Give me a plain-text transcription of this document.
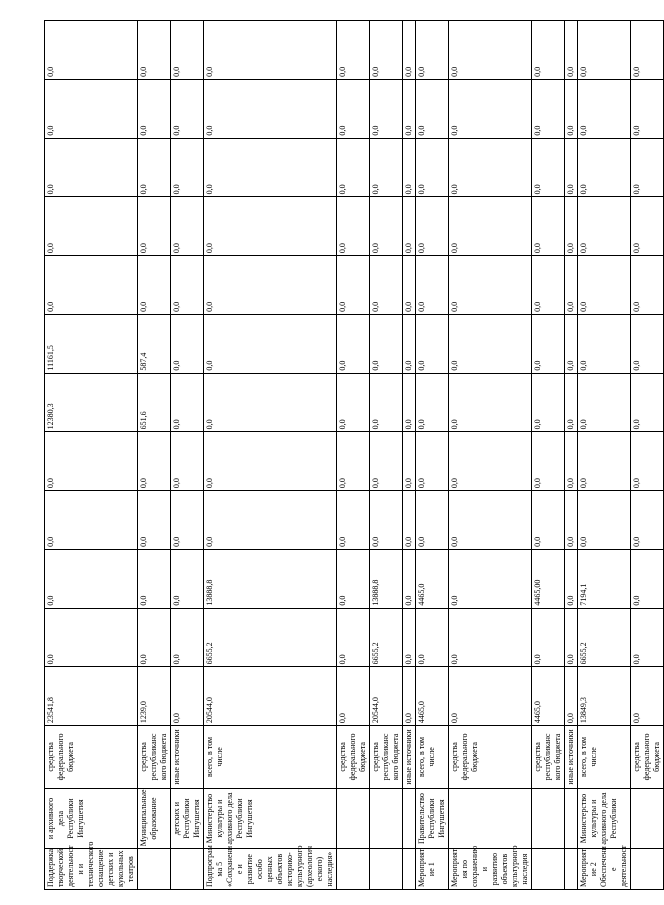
Поддержка творческой деятельност и и технического оснащение детских и кукольных театров	и архивного дела Республики Ингушетия	средства федерального бюджета	23541,8	0,0	0,0	0,0	0,0	12380,3	11161,5	0,0	0,0	0,0	0,0	0,0
	Муниципальные образование	средства республиканс кого бюджета	1239,0	0,0	0,0	0,0	0,0	651,6	587,4	0,0	0,0	0,0	0,0	0,0
	детских и Республики Ингушетия	иные источники	0,0	0,0	0,0	0,0	0,0	0,0	0,0	0,0	0,0	0,0	0,0	0,0
Подпрограм ма 5 «Сохранени е и развитие особо ценных объектов историко- культурного (археологич еского) наследия»	Министерство культуры и архивного дела Республики Ингушетия	всего, в том числе	20544,0	6655,2	13888,8	0,0	0,0	0,0	0,0	0,0	0,0	0,0	0,0	0,0
		средства федерального бюджета	0,0	0,0	0,0	0,0	0,0	0,0	0,0	0,0	0,0	0,0	0,0	0,0
		средства республиканс кого бюджета	20544,0	6655,2	13888,8	0,0	0,0	0,0	0,0	0,0	0,0	0,0	0,0	0,0
		иные источники	0,0	0,0	0,0	0,0	0,0	0,0	0,0	0,0	0,0	0,0	0,0	0,0
Мероприят ие 1	Правительство Республики Ингушетия	всего, в том числе	4465,0	0,0	4465,0	0,0	0,0	0,0	0,0	0,0	0,0	0,0	0,0	0,0
Мероприят ия по сохранению и развитию объектов культурного наследия		средства федерального бюджета	0,0	0,0	0,0	0,0	0,0	0,0	0,0	0,0	0,0	0,0	0,0	0,0
		средства республиканс кого бюджета	4465,0	0,0	4465,00	0,0	0,0	0,0	0,0	0,0	0,0	0,0	0,0	0,0
		иные источники	0,0	0,0	0,0	0,0	0,0	0,0	0,0	0,0	0,0	0,0	0,0	0,0
Мероприят ие 2 Обеспечени е деятельност	Министерство культуры и архивного дела Республики	всего, в том числе	13849,3	6655,2	7194,1	0,0	0,0	0,0	0,0	0,0	0,0	0,0	0,0	0,0
		средства федерального бюджета	0,0	0,0	0,0	0,0	0,0	0,0	0,0	0,0	0,0	0,0	0,0	0,0
